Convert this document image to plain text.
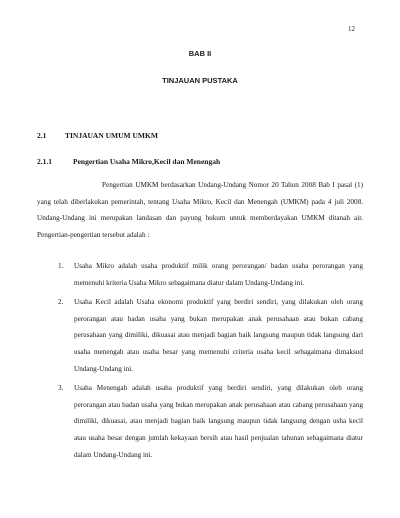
12
BAB II
TINJAUAN PUSTAKA
2.1 TINJAUAN UMUM UMKM
2.1.1	Pengertian Usaha Mikro,Kecil dan Menengah

Pengertian UMKM berdasarkan Undang-Undang Nomor 20 Tahun 2008 Bab I pasal (1) yang telah diberlakukan pemerintah, tentang Usaha Mikro, Kecil dan Menengah (UMKM) pada 4 juli 2008. Undang-Undang ini merupakan landasan dan payung hukum untuk memberdayakan UMKM ditanah air. Pengertian-pengertian tersebut adalah :

1. Usaha Mikro adalah usaha produktif milik orang perorangan/ badan usaha perorangan yang memenuhi kriteria Usaha Mikro sebagaimana diatur dalam Undang-Undang ini.
2. Usaha Kecil adalah Usaha ekonomi produktif yang berdiri sendiri, yang dilakukan oleh orang perorangan atau badan usaha yang bukan merupakan anak perusahaan atau bukan cabang perusahaan yang dimiliki, dikuasai atau menjadi bagian baik langsung maupun tidak langsung dari usaha menengah atau usaha besar yang memenuhi criteria usaha kecil sebagaimana dimaksud Undang-Undang ini.
3. Usaha Menengah adalah usaha produktif yang berdiri sendiri, yang dilakukan oleh orang perorangan atau badan usaha yang bukan merupakan anak perusahaan atau cabang perusahaan yang dimiliki, dikuasai, atau menjadi bagian baik langsung maupun tidak langsung dengan usha kecil atau usaha besar dengan jumlah kekayaan bersih atau hasil penjualan tahunan sebagaimana diatur dalam Undang-Undang ini.
